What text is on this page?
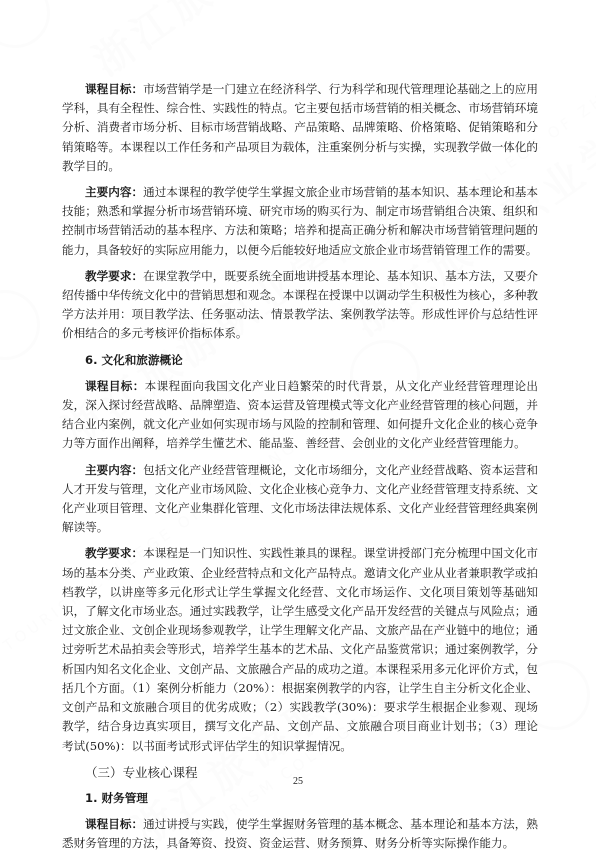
课程目标：市场营销学是一门建立在经济科学、行为科学和现代管理理论基础之上的应用学科，具有全程性、综合性、实践性的特点。它主要包括市场营销的相关概念、市场营销环境分析、消费者市场分析、目标市场营销战略、产品策略、品牌策略、价格策略、促销策略和分销策略等。本课程以工作任务和产品项目为载体，注重案例分析与实操，实现教学做一体化的教学目的。

主要内容：通过本课程的教学使学生掌握文旅企业市场营销的基本知识、基本理论和基本技能；熟悉和掌握分析市场营销环境、研究市场的购买行为、制定市场营销组合决策、组织和控制市场营销活动的基本程序、方法和策略；培养和提高正确分析和解决市场营销管理问题的能力，具备较好的实际应用能力，以便今后能较好地适应文旅企业市场营销管理工作的需要。

教学要求：在课堂教学中，既要系统全面地讲授基本理论、基本知识、基本方法，又要介绍传播中华传统文化中的营销思想和观念。本课程在授课中以调动学生积极性为核心，多种教学方法并用：项目教学法、任务驱动法、情景教学法、案例教学法等。形成性评价与总结性评价相结合的多元考核评价指标体系。

6. 文化和旅游概论

课程目标：本课程面向我国文化产业日趋繁荣的时代背景，从文化产业经营管理理论出发，深入探讨经营战略、品牌塑造、资本运营及管理模式等文化产业经营管理的核心问题，并结合业内案例，就文化产业如何实现市场与风险的控制和管理、如何提升文化企业的核心竞争力等方面作出阐释，培养学生懂艺术、能品鉴、善经营、会创业的文化产业经营管理能力。

主要内容：包括文化产业经营管理概论，文化市场细分，文化产业经营战略、资本运营和人才开发与管理，文化产业市场风险、文化企业核心竞争力、文化产业经营管理支持系统、文化产业项目管理、文化产业集群化管理、文化市场法律法规体系、文化产业经营管理经典案例解读等。

教学要求：本课程是一门知识性、实践性兼具的课程。课堂讲授部门充分梳理中国文化市场的基本分类、产业政策、企业经营特点和文化产品特点。邀请文化产业从业者兼职教学或拍档教学，以讲座等多元化形式让学生掌握文化经营、文化市场运作、文化项目策划等基础知识，了解文化市场业态。通过实践教学，让学生感受文化产品开发经营的关键点与风险点；通过文旅企业、文创企业现场参观教学，让学生理解文化产品、文旅产品在产业链中的地位；通过旁听艺术品拍卖会等形式，培养学生基本的艺术品、文化产品鉴赏常识；通过案例教学，分析国内知名文化企业、文创产品、文旅融合产品的成功之道。本课程采用多元化评价方式，包括几个方面。（1）案例分析能力（20%）：根据案例教学的内容，让学生自主分析文化企业、文创产品和文旅融合项目的优劣成败；（2）实践教学(30%)：要求学生根据企业参观、现场教学，结合身边真实项目，撰写文化产品、文创产品、文旅融合项目商业计划书；（3）理论考试(50%)：以书面考试形式评估学生的知识掌握情况。

（三）专业核心课程

1. 财务管理

课程目标：通过讲授与实践，使学生掌握财务管理的基本概念、基本理论和基本方法，熟悉财务管理的方法，具备筹资、投资、资金运营、财务预算、财务分析等实际操作能力。

25
